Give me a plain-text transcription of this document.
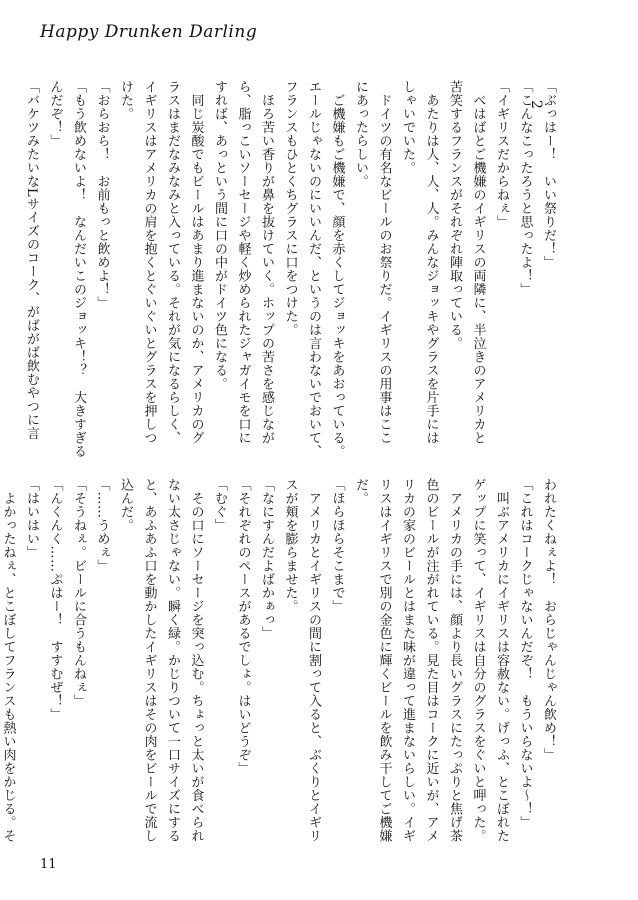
Happy Drunken Darling
2
「ぶっはー！　いい祭りだ！」
「こんなこったろうと思ったよ！」
「イギリスだからねぇ」
　べはばとご機嫌のイギリスの両隣に、半泣きのアメリカと
苦笑するフランスがそれぞれ陣取っている。
　あたりは人、人、人。みんなジョッキやグラスを片手には
しゃいでいた。
　ドイツの有名なビールのお祭りだ。イギリスの用事はここ
にあったらしい。
　ご機嫌もご機嫌で、顔を赤くしてジョッキをあおっている。
エールじゃないのにいいんだ、というのは言わないでおいて、
フランスもひとくちグラスに口をつけた。
　ほろ苦い香りが鼻を抜けていく。ホップの苦さを感じなが
ら、脂っこいソーセージや軽く炒められたジャガイモを口に
すれば、あっという間に口の中がドイツ色になる。
　同じ炭酸でもビールはあまり進まないのか、アメリカのグ
ラスはまだなみなみと入っている。それが気になるらしく、
イギリスはアメリカの肩を抱くとぐいぐいとグラスを押しつ
けた。
「おらおら！　お前もっと飲めよ！」
「もう飲めないよ！　なんだいこのジョッキ！？　大きすぎる
んだぞ！」
「バケツみたいなLサイズのコーク、がばがば飲むやつに言
われたくねぇよ！　おらじゃんじゃん飲め！」
「これはコークじゃないんだぞ！　もういらないよ～！」
　叫ぶアメリカにイギリスは容赦ない。げっふ、とこぼれた
ゲップに笑って、イギリスは自分のグラスをぐいと呷った。
　アメリカの手には、顔より長いグラスにたっぷりと焦げ茶
色のビールが注がれている。見た目はコークに近いが、アメ
リカの家のビールとはまた味が違って進まないらしい。イギ
リスはイギリスで別の金色に輝くビールを飲み干してご機嫌
だ。
「ほらほらそこまで」
　アメリカとイギリスの間に割って入ると、ぶくりとイギリ
スが頬を膨らませた。
「なにすんだよばかぁっ」
「それぞれのペースがあるでしょ。はいどうぞ」
「むぐ」
　その口にソーセージを突っ込む。ちょっと太いが食べられ
ない太さじゃない。瞬く緑。かじりついて一口サイズにする
と、あふあふ口を動かしたイギリスはその肉をビールで流し
込んだ。
「……うめぇ」
「そうねぇ。ビールに合うもんねぇ」
「んくんく……ぷはー！　すすむぜ！」
「はいはい」
　よかったねぇ、とこぼしてフランスも熱い肉をかじる。そ
11
